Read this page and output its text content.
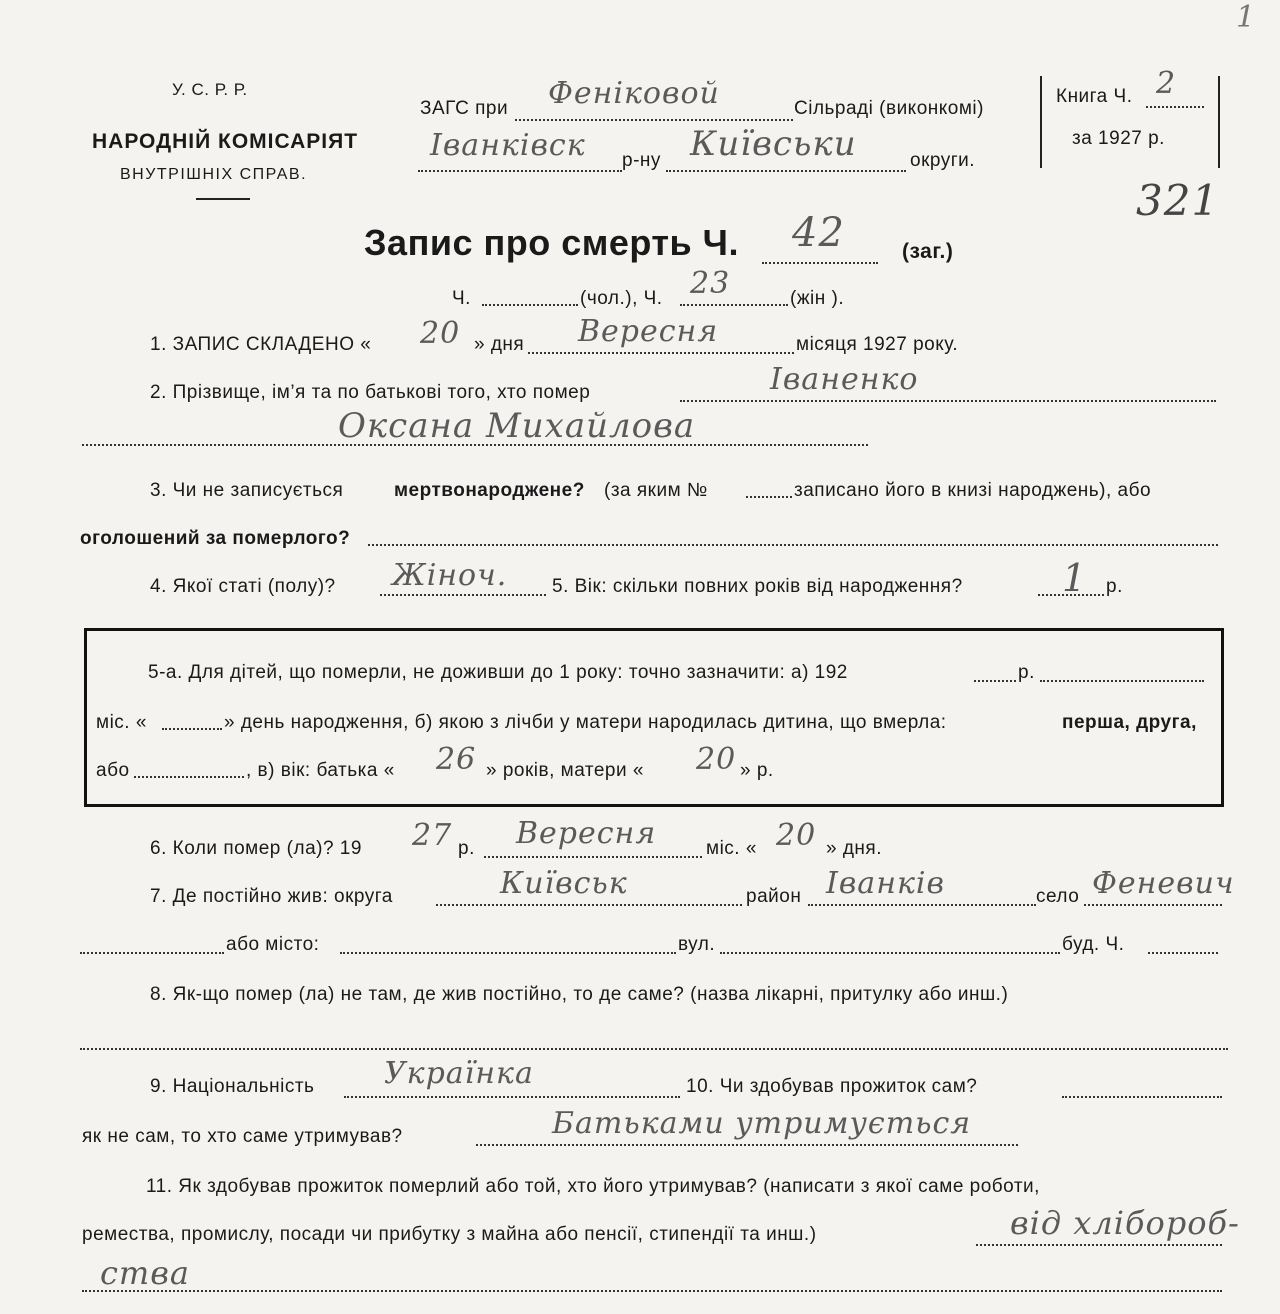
У. С. Р. Р.
НАРОДНІЙ КОМІСАРІЯТ
ВНУТРІШНІХ СПРАВ.
ЗАГС при Феніковой	Сільраді (виконкомі)
Іванківск р-ну Київськи	округи.
Книга Ч. 2
за 1927 р.
321
1
Запис про смерть Ч. 42	(заг.)
Ч.	(чол.), Ч. 23	(жін ).
1. ЗАПИС СКЛАДЕНО « 20 » дня Вересня	місяця 1927 року.
2. Прізвище, ім’я та по батькові того, хто помер	Іваненко
Оксана Михайлова
3. Чи не записується	мертвонароджене? (за яким №	записано його в книзі народжень), або
оголошений за померлого?
4. Якої статі (полу)? Жіноч. 5. Вік: скільки повних років від народження?	1 р.
5-а. Для дітей, що померли, не доживши до 1 року: точно зазначити: а) 192	р.
міс. «	» день народження, б) якою з лічби у матери народилась дитина, що вмерла:	перша, друга,
або	, в) вік: батька « 26 » років, матери « 20 » р.
6. Коли помер (ла)? 19 27 р. Вересня	міс. « 20 » дня.
7. Де постійно жив: округа	Київськ	район Іванків	село Феневич
або місто:	вул.	буд. Ч.
8. Як-що помер (ла) не там, де жив постійно, то де саме? (назва лікарні, притулку або инш.)
9. Національність Українка	10. Чи здобував прожиток сам?
як не сам, то хто саме утримував?	Батьками утримується
11. Як здобував прожиток померлий або той, хто його утримував? (написати з якої саме роботи,
ремества, промислу, посади чи прибутку з майна або пенсії, стипендії та инш.)	від хлібороб-
ства
